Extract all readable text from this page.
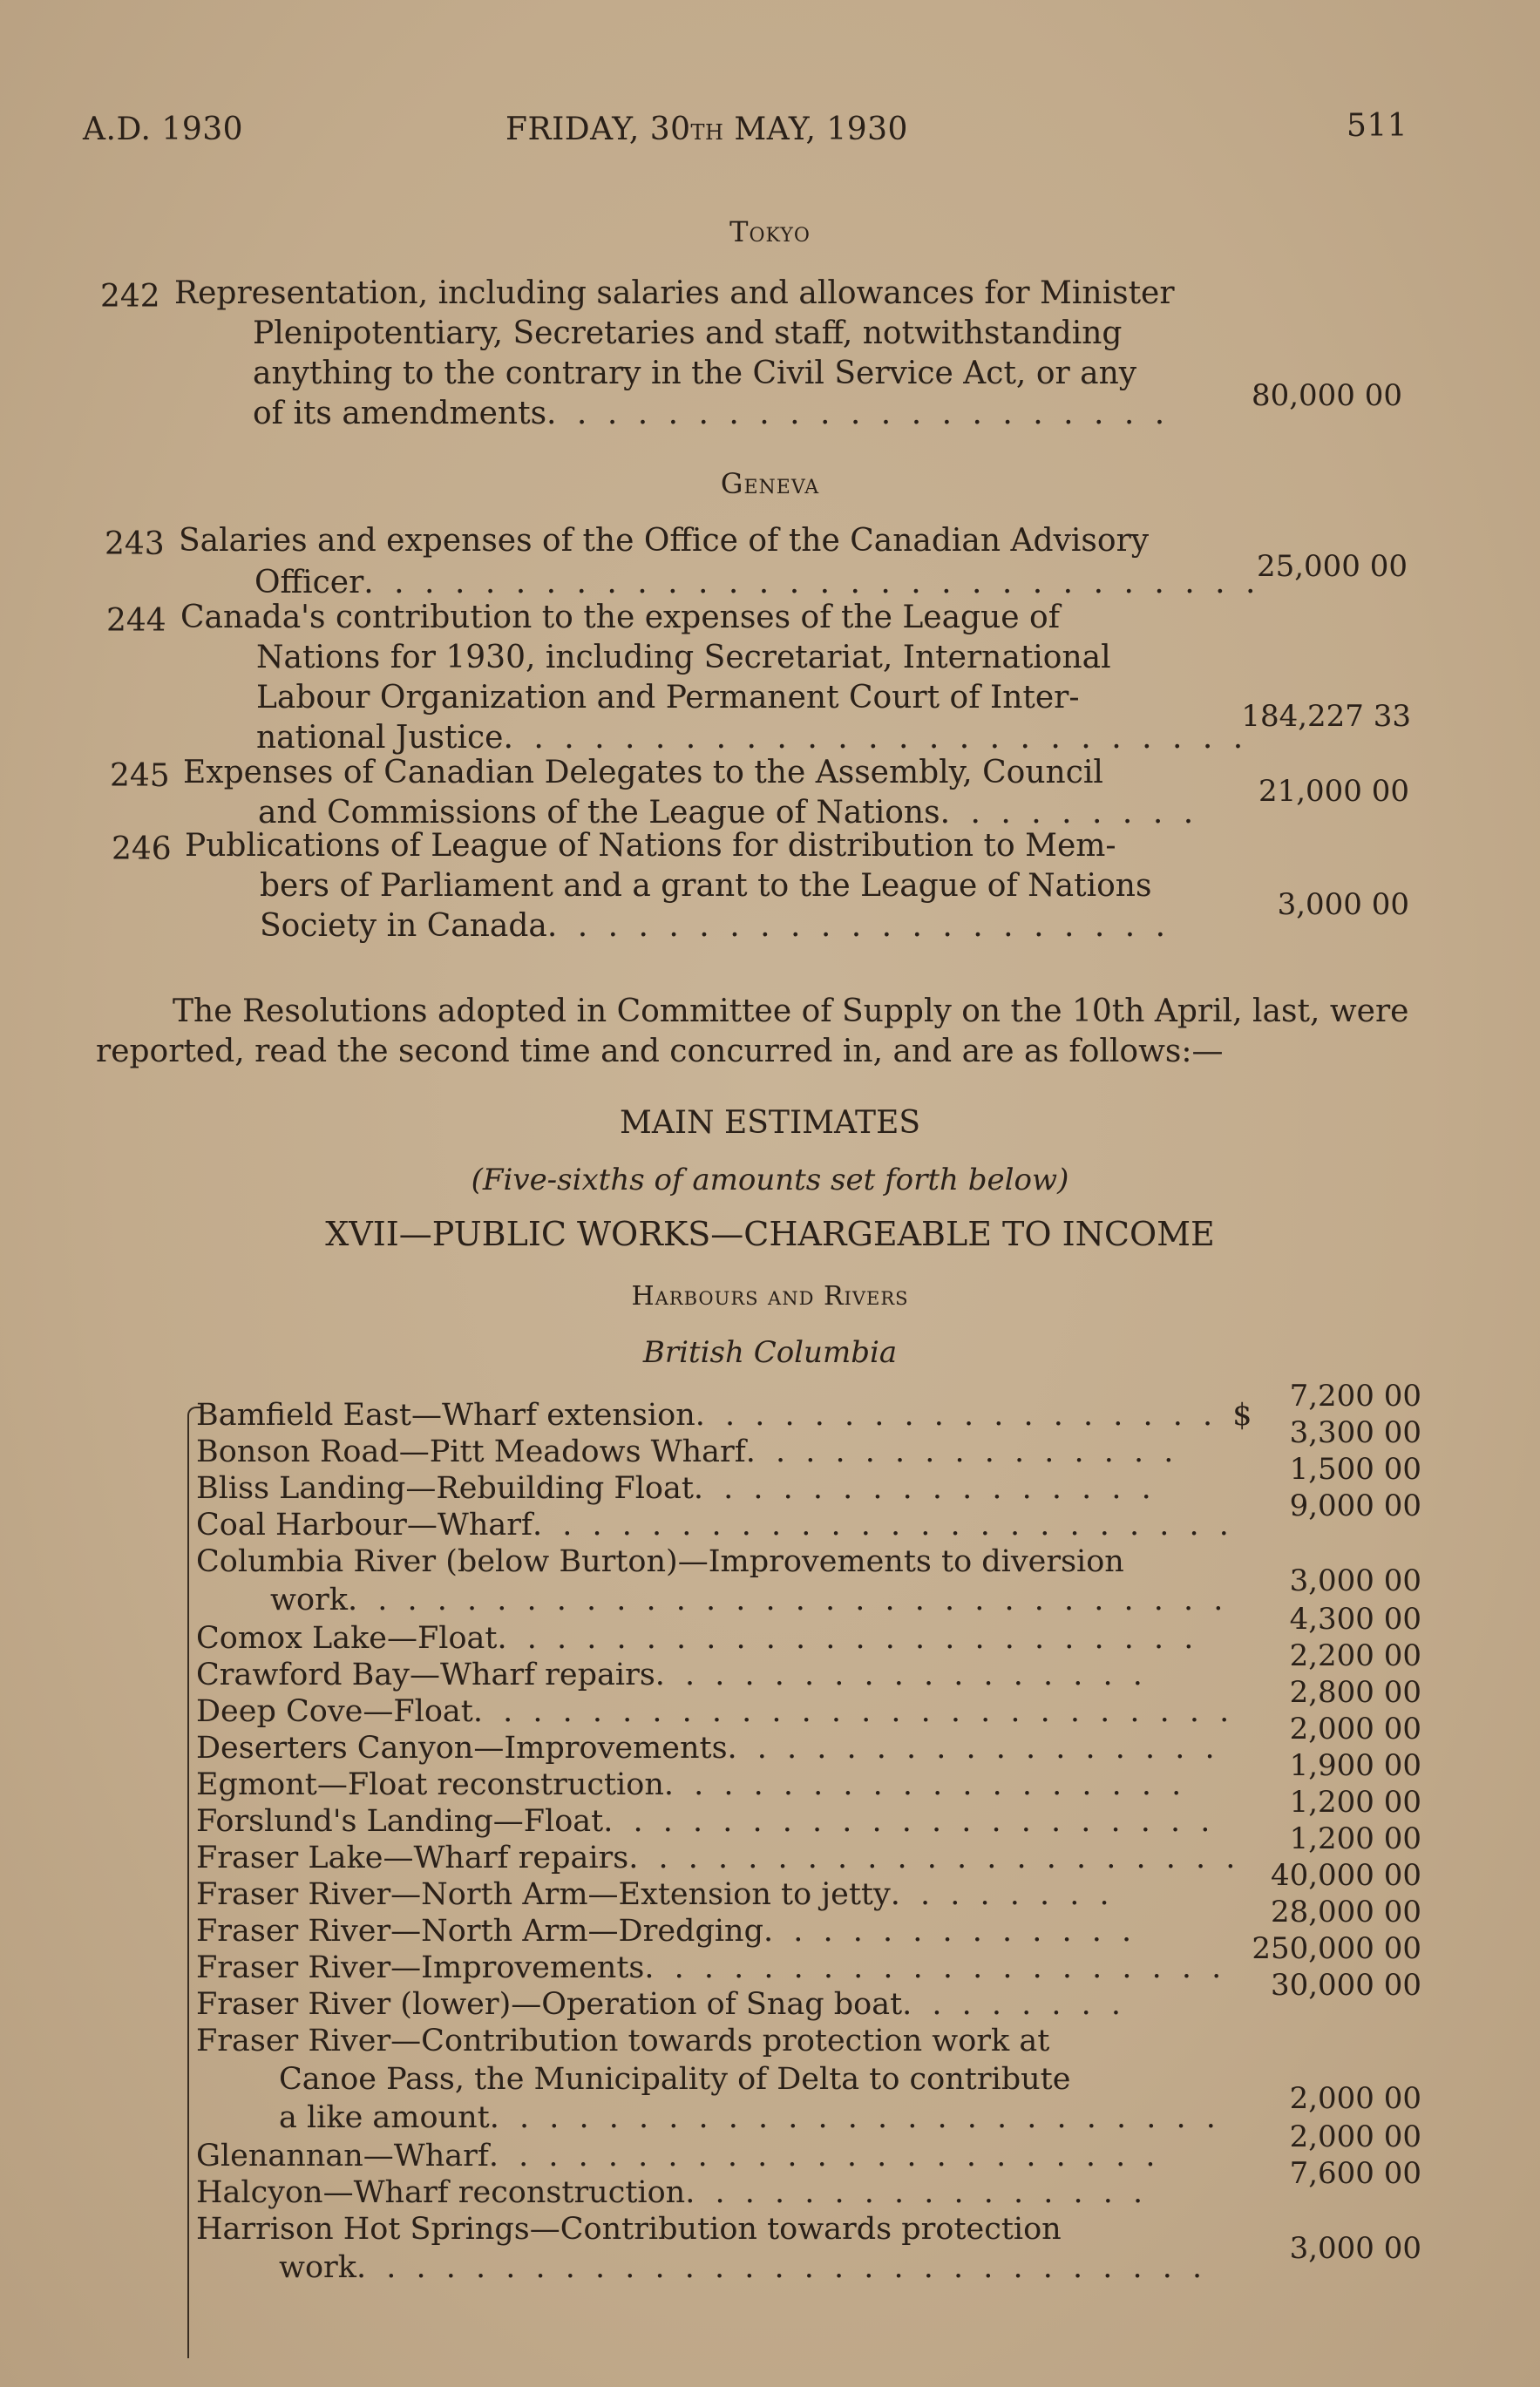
A.D. 1930	FRIDAY, 30TH MAY, 1930	511
Tokyo
242 Representation, including salaries and allowances for Minister
Plenipotentiary, Secretaries and staff, notwithstanding
anything to the contrary in the Civil Service Act, or any
of its amendments. . . . . . . . . . . . . . . . . . . . .	80,000 00
Geneva
243 Salaries and expenses of the Office of the Canadian Advisory
Officer. . . . . . . . . . . . . . . . . . . . . . . . . . . . . .
25,000 00
244 Canada's contribution to the expenses of the League of
Nations for 1930, including Secretariat, International
Labour Organization and Permanent Court of Inter-
national Justice. . . . . . . . . . . . . . . . . . . . . . . . .
184,227 33
245 Expenses of Canadian Delegates to the Assembly, Council
and Commissions of the League of Nations. . . . . . . . .
21,000 00
246 Publications of League of Nations for distribution to Mem-
bers of Parliament and a grant to the League of Nations
Society in Canada. . . . . . . . . . . . . . . . . . . . .
3,000 00
The Resolutions adopted in Committee of Supply on the 10th April, last, were reported, read the second time and concurred in, and are as follows:—
MAIN ESTIMATES
(Five-sixths of amounts set forth below)
XVII—PUBLIC WORKS—CHARGEABLE TO INCOME
Harbours and Rivers
British Columbia
Bamfield East—Wharf extension. . . . . . . . . . . . . . . . . . $
7,200 00
Bonson Road—Pitt Meadows Wharf. . . . . . . . . . . . . . .
3,300 00
Bliss Landing—Rebuilding Float. . . . . . . . . . . . . . . .
1,500 00
Coal Harbour—Wharf. . . . . . . . . . . . . . . . . . . . . . . .
9,000 00
Columbia River (below Burton)—Improvements to diversion
work. . . . . . . . . . . . . . . . . . . . . . . . . . . . . .
3,000 00
Comox Lake—Float. . . . . . . . . . . . . . . . . . . . . . . .
4,300 00
Crawford Bay—Wharf repairs. . . . . . . . . . . . . . . . .
2,200 00
Deep Cove—Float. . . . . . . . . . . . . . . . . . . . . . . . . .
2,800 00
Deserters Canyon—Improvements. . . . . . . . . . . . . . . . .
2,000 00
Egmont—Float reconstruction. . . . . . . . . . . . . . . . . .
1,900 00
Forslund's Landing—Float. . . . . . . . . . . . . . . . . . . . .
1,200 00
Fraser Lake—Wharf repairs. . . . . . . . . . . . . . . . . . . . .
1,200 00
Fraser River—North Arm—Extension to jetty. . . . . . . .
40,000 00
Fraser River—North Arm—Dredging. . . . . . . . . . . . .
28,000 00
Fraser River—Improvements. . . . . . . . . . . . . . . . . . . .
250,000 00
Fraser River (lower)—Operation of Snag boat. . . . . . . .
30,000 00
Fraser River—Contribution towards protection work at
Canoe Pass, the Municipality of Delta to contribute
a like amount. . . . . . . . . . . . . . . . . . . . . . . . .
2,000 00
Glenannan—Wharf. . . . . . . . . . . . . . . . . . . . . . .
2,000 00
Halcyon—Wharf reconstruction. . . . . . . . . . . . . . . .
7,600 00
Harrison Hot Springs—Contribution towards protection
work. . . . . . . . . . . . . . . . . . . . . . . . . . . . .
3,000 00
